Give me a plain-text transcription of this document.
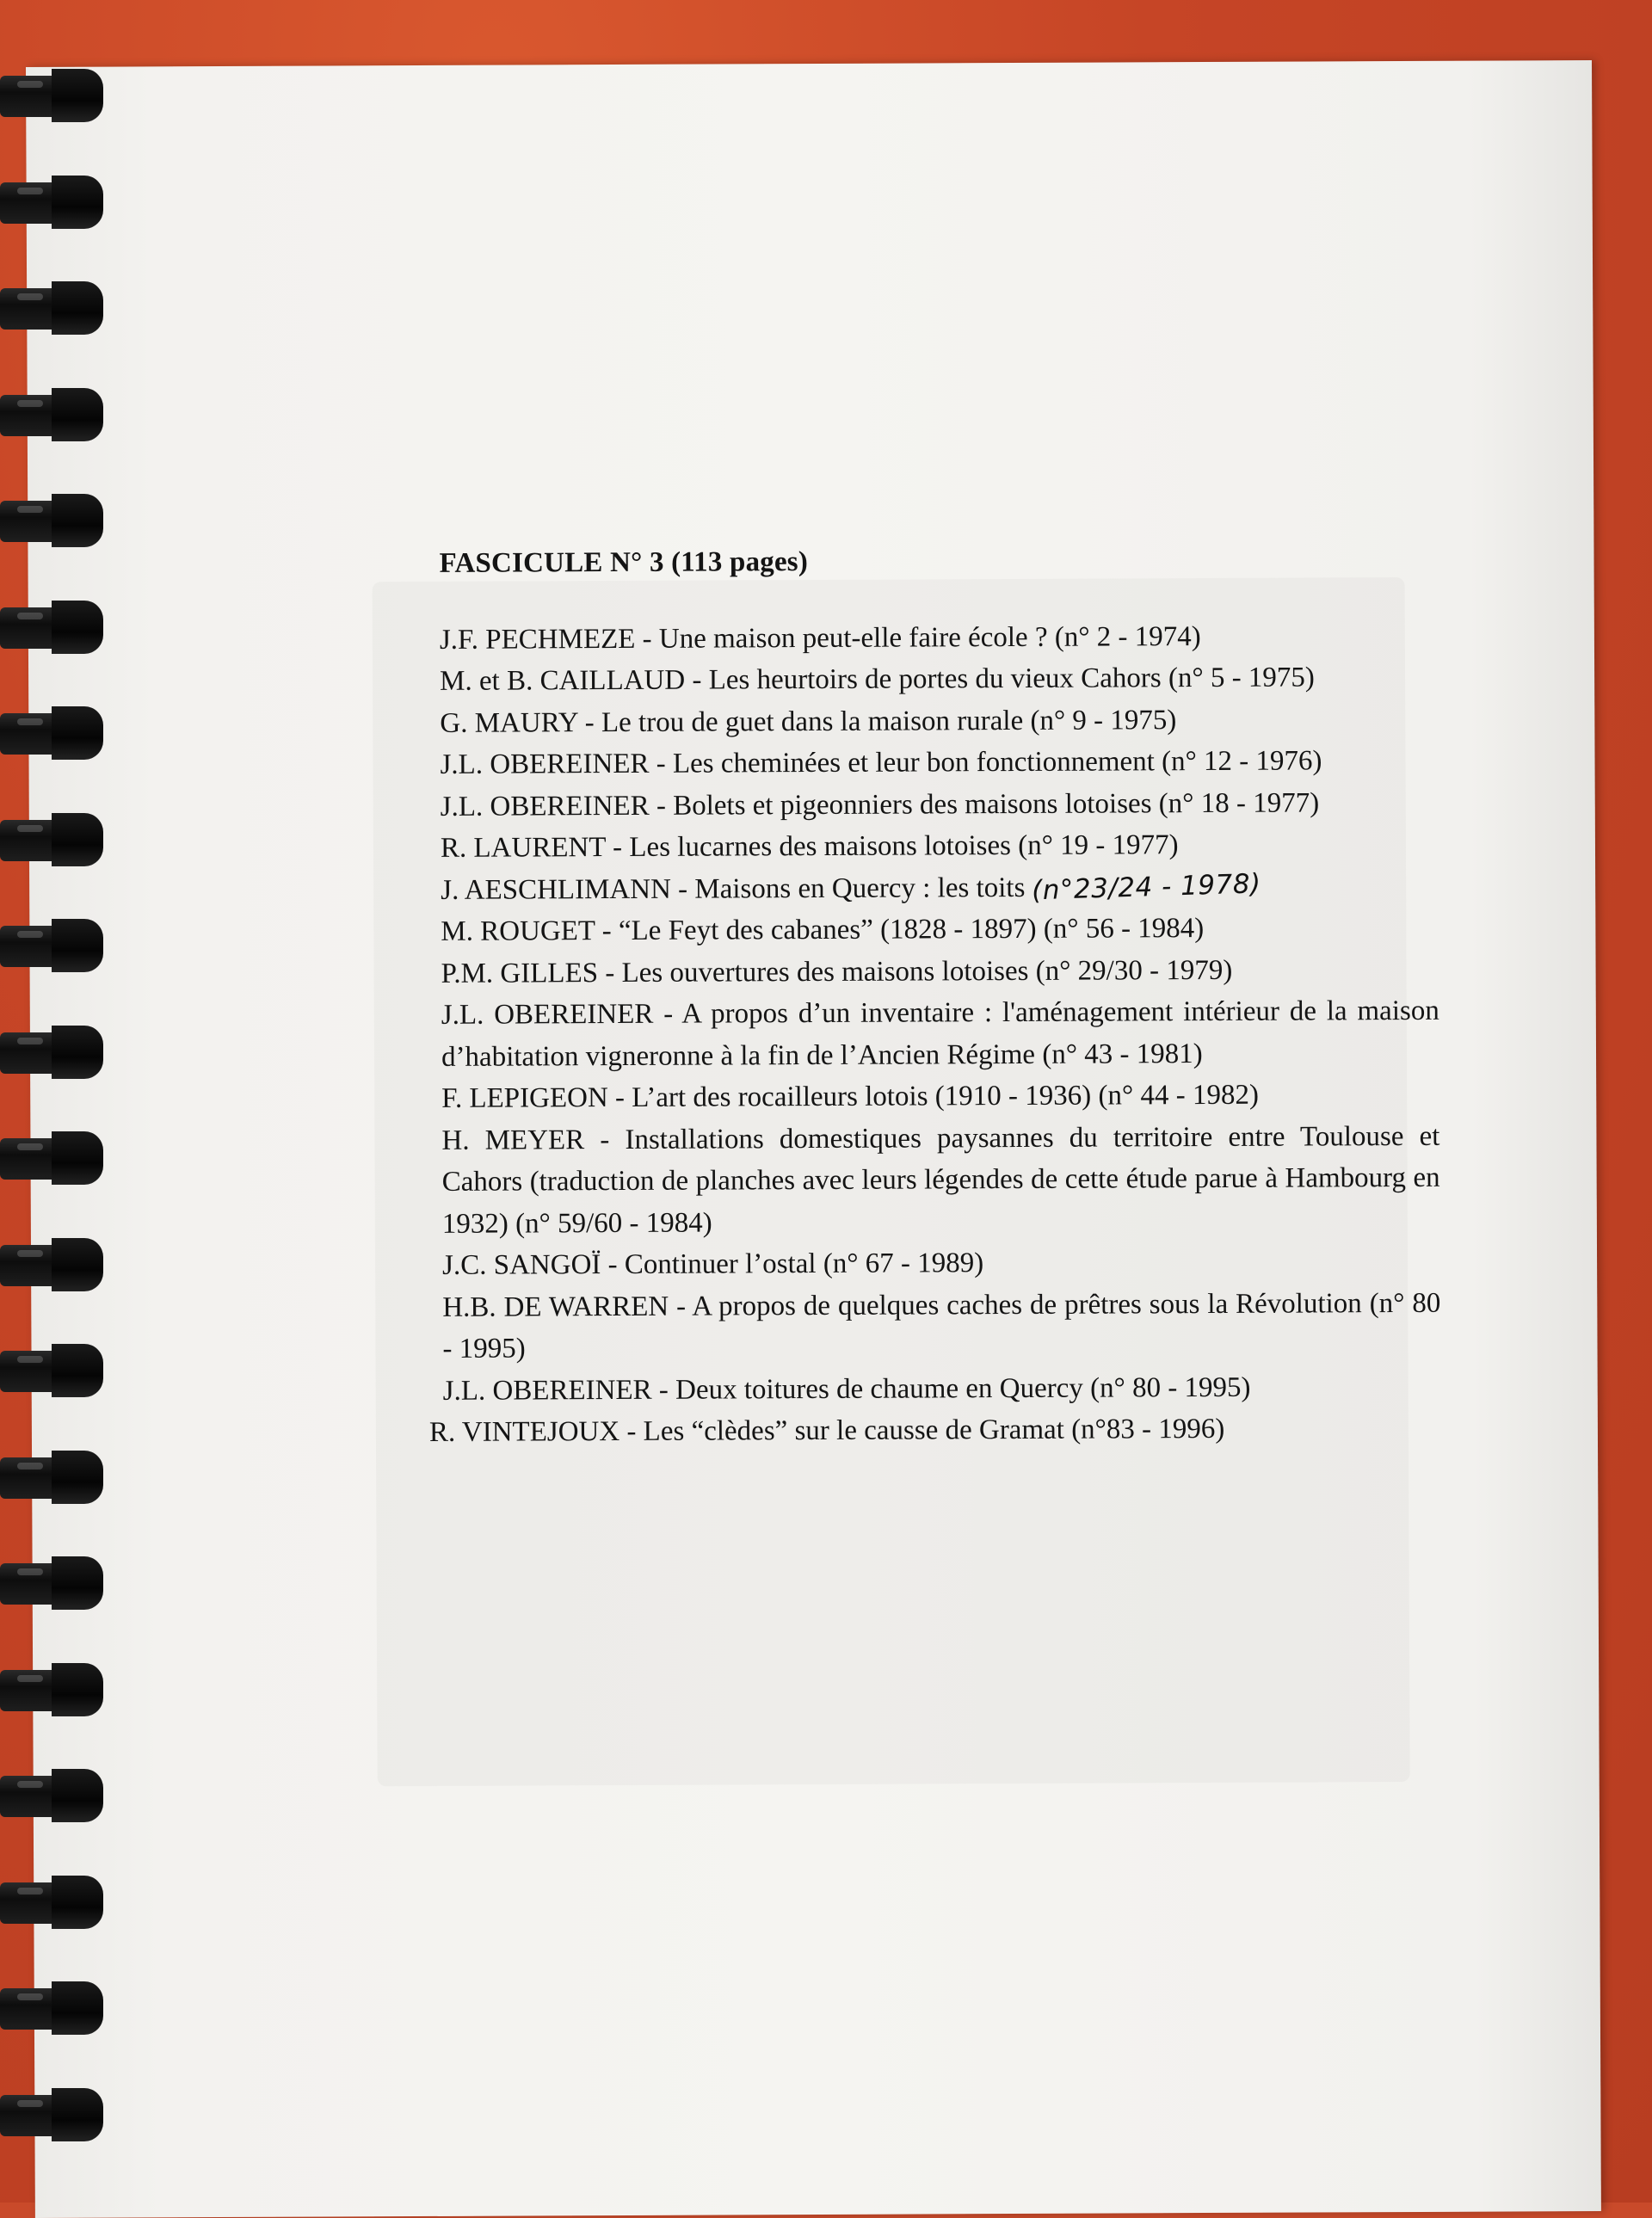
FASCICULE N° 3 (113 pages)
J.F. PECHMEZE - Une maison peut-elle faire école ? (n° 2 - 1974)
M. et B. CAILLAUD - Les heurtoirs de portes du vieux Cahors (n° 5 - 1975)
G. MAURY - Le trou de guet dans la maison rurale (n° 9 - 1975)
J.L. OBEREINER - Les cheminées et leur bon fonctionnement (n° 12 - 1976)
J.L. OBEREINER - Bolets et pigeonniers des maisons lotoises (n° 18 - 1977)
R. LAURENT - Les lucarnes des maisons lotoises (n° 19 - 1977)
J. AESCHLIMANN - Maisons en Quercy : les toits (n°23/24 - 1978)
M. ROUGET - “Le Feyt des cabanes” (1828 - 1897) (n° 56 - 1984)
P.M. GILLES - Les ouvertures des maisons lotoises (n° 29/30 - 1979)
J.L. OBEREINER - A propos d’un inventaire : l'aménagement intérieur de la maison d’habitation vigneronne à la fin de l’Ancien Régime (n° 43 - 1981)
F. LEPIGEON - L’art des rocailleurs lotois (1910 - 1936) (n° 44 - 1982)
H. MEYER - Installations domestiques paysannes du territoire entre Toulouse et Cahors (traduction de planches avec leurs légendes de cette étude parue à Hambourg en 1932) (n° 59/60 - 1984)
J.C. SANGOÏ - Continuer l’ostal (n° 67 - 1989)
H.B. DE WARREN - A propos de quelques caches de prêtres sous la Révolution (n° 80 - 1995)
J.L. OBEREINER - Deux toitures de chaume en Quercy (n° 80 - 1995)
R. VINTEJOUX - Les “clèdes” sur le causse de Gramat (n°83 - 1996)
